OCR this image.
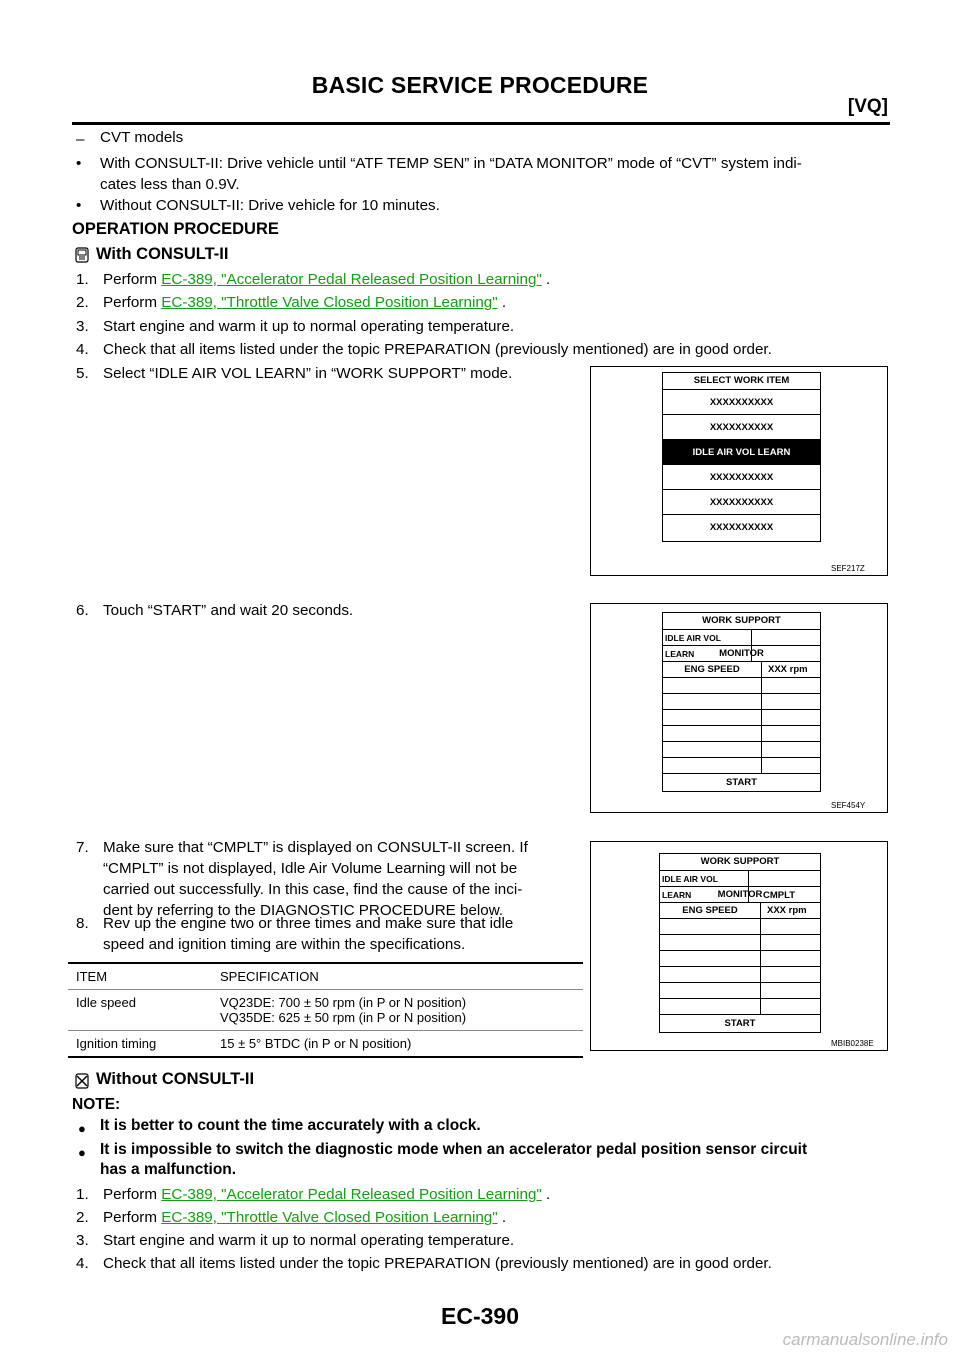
BASIC SERVICE PROCEDURE
[VQ]
– CVT models
• With CONSULT-II: Drive vehicle until “ATF TEMP SEN” in “DATA MONITOR” mode of “CVT” system indi-
cates less than 0.9V.
• Without CONSULT-II: Drive vehicle for 10 minutes.
OPERATION PROCEDURE
With CONSULT-II
1. Perform EC-389, "Accelerator Pedal Released Position Learning" .
2. Perform EC-389, "Throttle Valve Closed Position Learning" .
3. Start engine and warm it up to normal operating temperature.
4. Check that all items listed under the topic PREPARATION (previously mentioned) are in good order.
5. Select “IDLE AIR VOL LEARN” in “WORK SUPPORT” mode.
6. Touch “START” and wait 20 seconds.
7. Make sure that “CMPLT” is displayed on CONSULT-II screen. If
“CMPLT” is not displayed, Idle Air Volume Learning will not be
carried out successfully. In this case, find the cause of the inci-
dent by referring to the DIAGNOSTIC PROCEDURE below.
8. Rev up the engine two or three times and make sure that idle
speed and ignition timing are within the specifications.
ITEM	SPECIFICATION
Idle speed	VQ23DE: 700 ± 50 rpm (in P or N position)
VQ35DE: 625 ± 50 rpm (in P or N position)

Ignition timing	15 ± 5° BTDC (in P or N position)
SELECT WORK ITEM
XXXXXXXXXX
XXXXXXXXXX
IDLE AIR VOL LEARN
XXXXXXXXXX
XXXXXXXXXX
XXXXXXXXXX
SEF217Z
WORK SUPPORT
IDLE AIR VOL LEARN	MONITOR
ENG SPEED	XXX rpm
START
SEF454Y
WORK SUPPORT
IDLE AIR VOL LEARN	CMPLT
MONITOR
ENG SPEED	XXX rpm
START
MBIB0238E
Without CONSULT-II
NOTE:
● It is better to count the time accurately with a clock.
● It is impossible to switch the diagnostic mode when an accelerator pedal position sensor circuit
has a malfunction.
1. Perform EC-389, "Accelerator Pedal Released Position Learning" .
2. Perform EC-389, "Throttle Valve Closed Position Learning" .
3. Start engine and warm it up to normal operating temperature.
4. Check that all items listed under the topic PREPARATION (previously mentioned) are in good order.
EC-390
carmanualsonline.info
